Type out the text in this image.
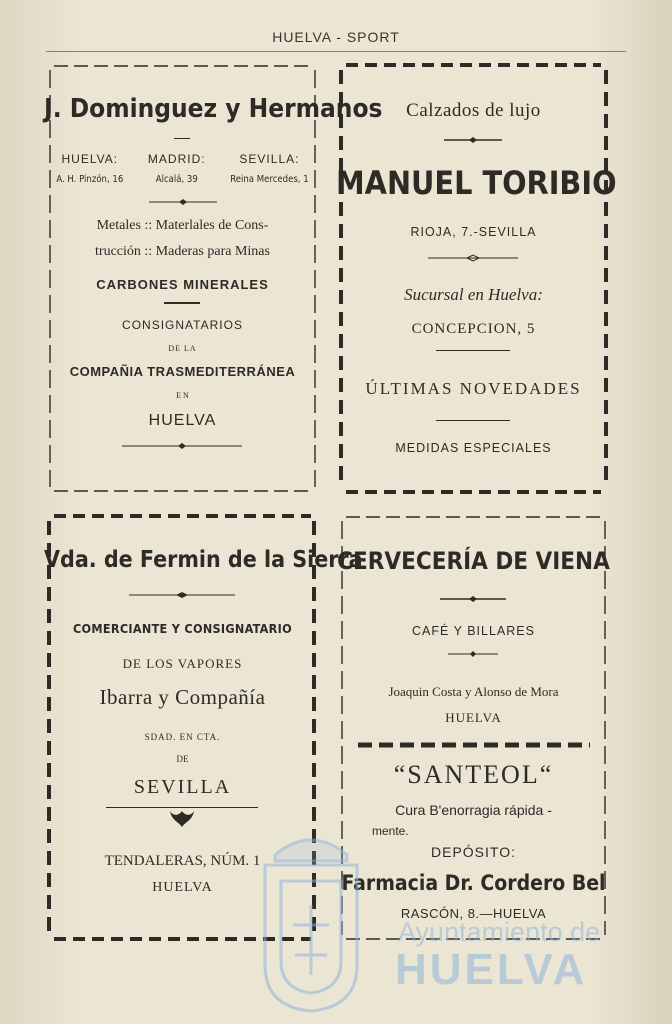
HUELVA - SPORT
J. Dominguez y Hermanos
HUELVA:
A. H. Pinzón, 16
MADRID:
Alcalá, 39
SEVILLA:
Reina Mercedes, 1
Metales :: Materlales de Cons-
trucción :: Maderas para Minas
CARBONES MINERALES
CONSIGNATARIOS
DE LA
COMPAÑIA TRASMEDITERRÁNEA
E N
HUELVA
Calzados de lujo
MANUEL TORIBIO
RIOJA, 7.-SEVILLA
Sucursal en Huelva:
CONCEPCION, 5
ÚLTIMAS NOVEDADES
MEDIDAS ESPECIALES
Vda. de Fermin de la Sierra
COMERCIANTE Y CONSIGNATARIO
DE LOS VAPORES
Ibarra y Compañía
SDAD. EN CTA.
DE
SEVILLA
TENDALERAS, NÚM. 1
HUELVA
CERVECERÍA DE VIENA
CAFÉ Y BILLARES
Joaquin Costa y Alonso de Mora
HUELVA
“SANTEOL“
Cura B'enorragia rápida -
mente.
DEPÓSITO:
Farmacia Dr. Cordero Bel
RASCÓN, 8.—HUELVA
Ayuntamiento de
HUELVA
